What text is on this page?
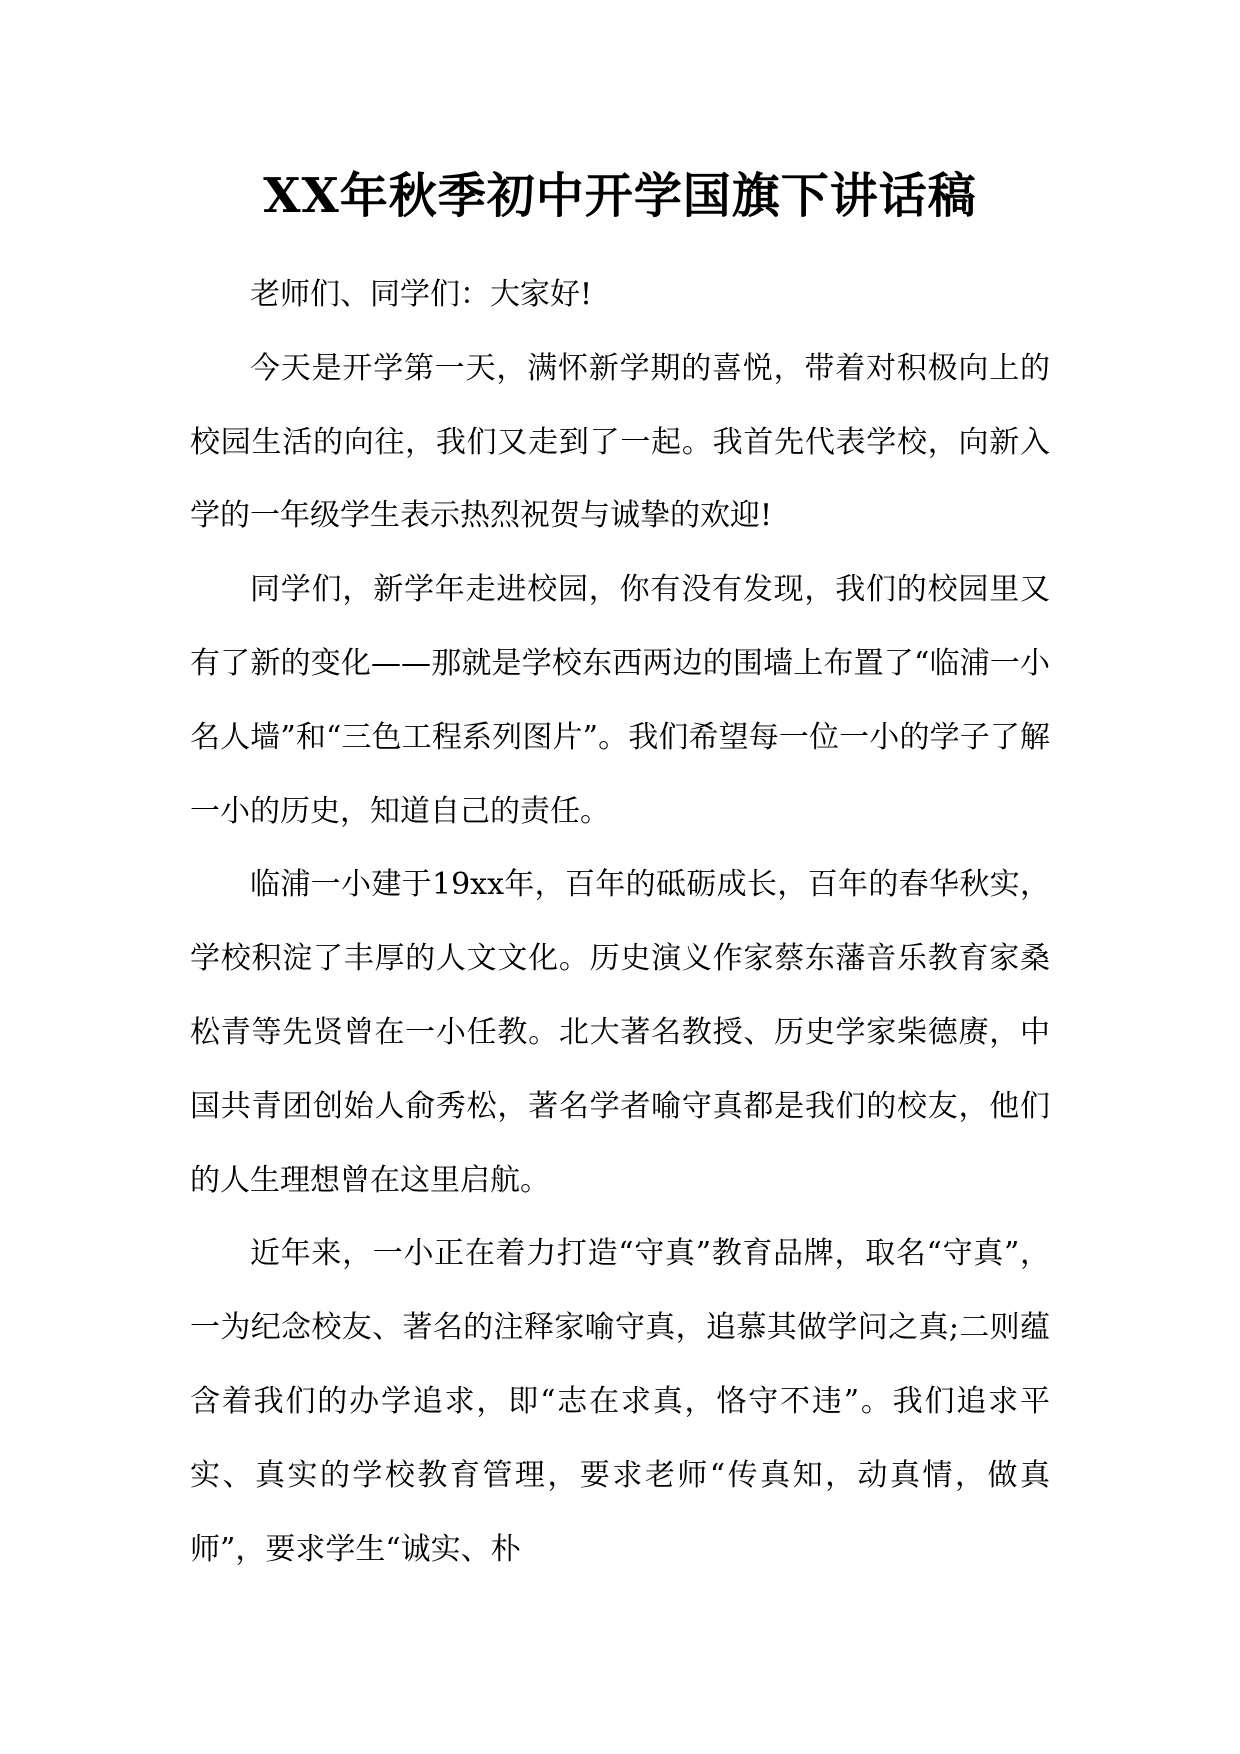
XX年秋季初中开学国旗下讲话稿

老师们、同学们：大家好!

今天是开学第一天，满怀新学期的喜悦，带着对积极向上的校园生活的向往，我们又走到了一起。我首先代表学校，向新入学的一年级学生表示热烈祝贺与诚挚的欢迎!

同学们，新学年走进校园，你有没有发现，我们的校园里又有了新的变化——那就是学校东西两边的围墙上布置了“临浦一小名人墙”和“三色工程系列图片”。我们希望每一位一小的学子了解一小的历史，知道自己的责任。

临浦一小建于19xx年，百年的砥砺成长，百年的春华秋实，学校积淀了丰厚的人文文化。历史演义作家蔡东藩音乐教育家桑松青等先贤曾在一小任教。北大著名教授、历史学家柴德赓，中国共青团创始人俞秀松，著名学者喻守真都是我们的校友，他们的人生理想曾在这里启航。

近年来，一小正在着力打造“守真”教育品牌，取名“守真”，一为纪念校友、著名的注释家喻守真，追慕其做学问之真;二则蕴含着我们的办学追求，即“志在求真，恪守不违”。我们追求平实、真实的学校教育管理，要求老师“传真知，动真情，做真师”，要求学生“诚实、朴
